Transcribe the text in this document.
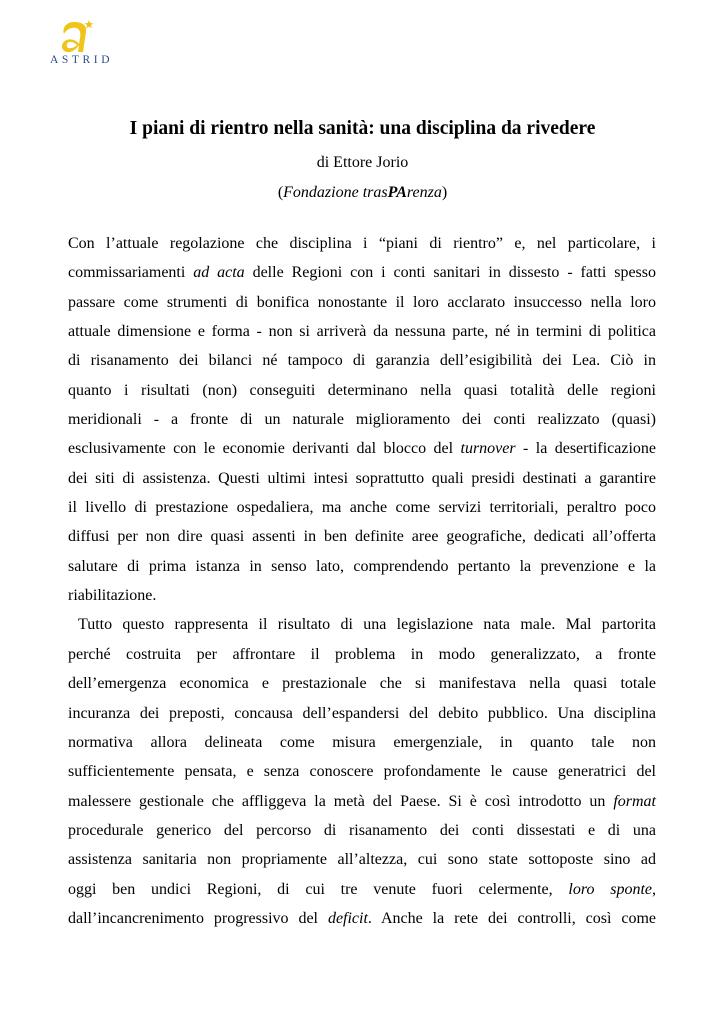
ASTRID
I piani di rientro nella sanità: una disciplina da rivedere
di Ettore Jorio
(Fondazione trasPArenza)
Con l’attuale regolazione che disciplina i “piani di rientro” e, nel particolare, i
commissariamenti ad acta delle Regioni con i conti sanitari in dissesto - fatti spesso
passare come strumenti di bonifica nonostante il loro acclarato insuccesso nella loro
attuale dimensione e forma - non si arriverà da nessuna parte, né in termini di politica
di risanamento dei bilanci né tampoco di garanzia dell’esigibilità dei Lea. Ciò in
quanto i risultati (non) conseguiti determinano nella quasi totalità delle regioni
meridionali - a fronte di un naturale miglioramento dei conti realizzato (quasi)
esclusivamente con le economie derivanti dal blocco del turnover - la desertificazione
dei siti di assistenza. Questi ultimi intesi soprattutto quali presidi destinati a garantire
il livello di prestazione ospedaliera, ma anche come servizi territoriali, peraltro poco
diffusi per non dire quasi assenti in ben definite aree geografiche, dedicati all’offerta
salutare di prima istanza in senso lato, comprendendo pertanto la prevenzione e la
riabilitazione.
Tutto questo rappresenta il risultato di una legislazione nata male. Mal partorita
perché costruita per affrontare il problema in modo generalizzato, a fronte
dell’emergenza economica e prestazionale che si manifestava nella quasi totale
incuranza dei preposti, concausa dell’espandersi del debito pubblico. Una disciplina
normativa allora delineata come misura emergenziale, in quanto tale non
sufficientemente pensata, e senza conoscere profondamente le cause generatrici del
malessere gestionale che affliggeva la metà del Paese. Si è così introdotto un format
procedurale generico del percorso di risanamento dei conti dissestati e di una
assistenza sanitaria non propriamente all’altezza, cui sono state sottoposte sino ad
oggi ben undici Regioni, di cui tre venute fuori celermente, loro sponte,
dall’incancrenimento progressivo del deficit. Anche la rete dei controlli, così come
